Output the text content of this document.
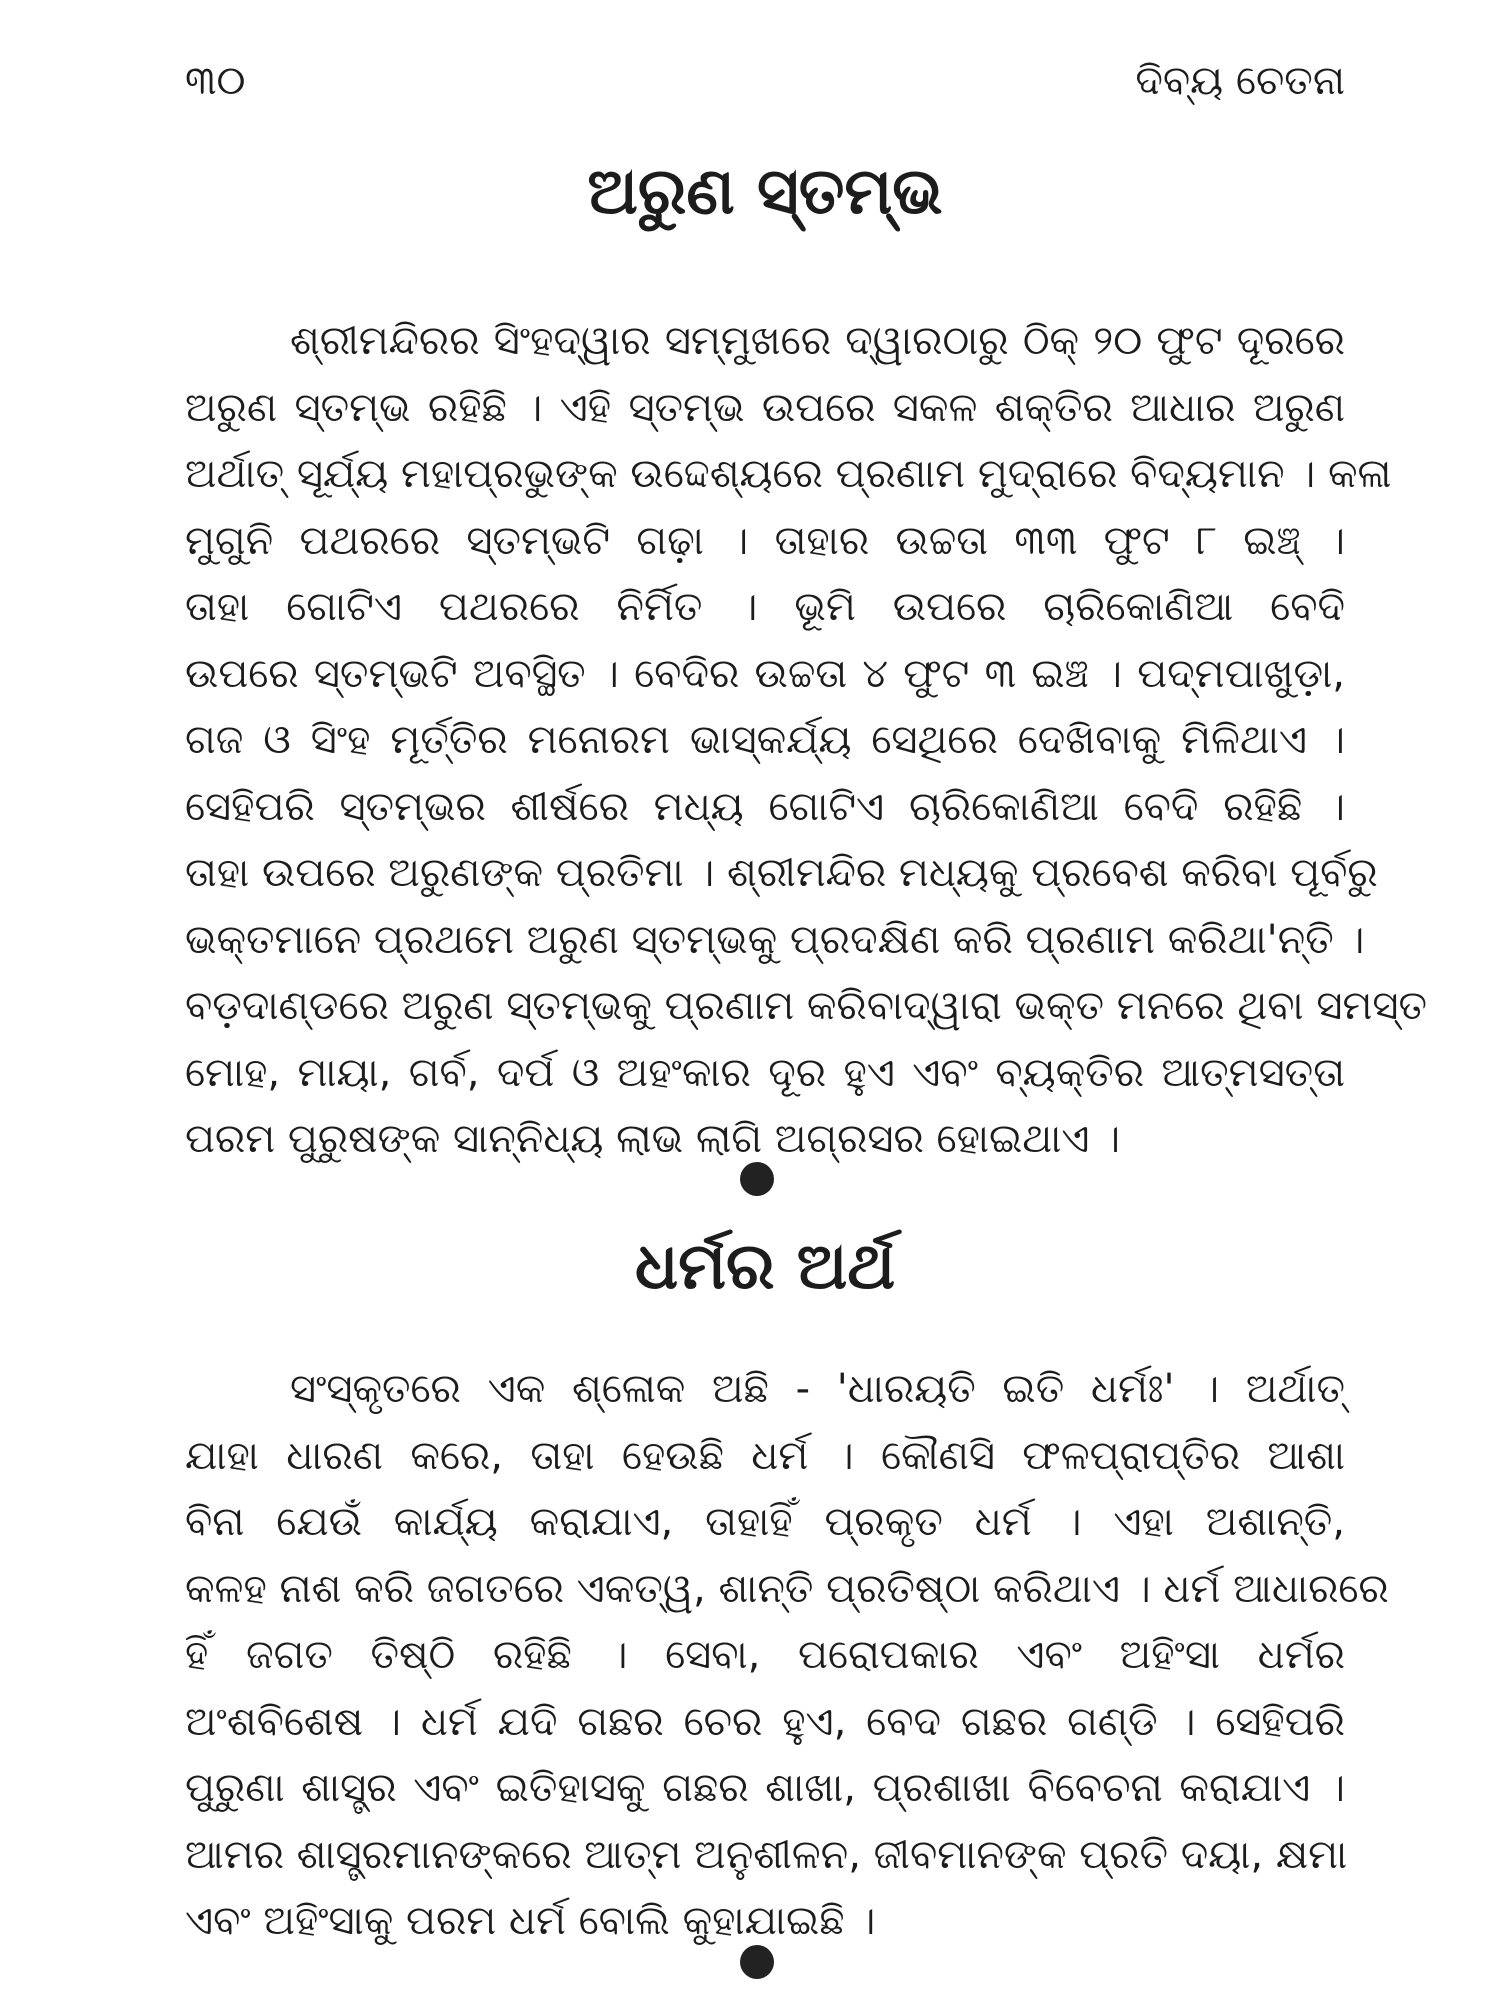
୩୦	ଦିବ୍ୟ ଚେତନା
ଅରୁଣ ସ୍ତମ୍ଭ
ଶ୍ରୀମନ୍ଦିରର ସିଂହଦ୍ୱାର ସମ୍ମୁଖରେ ଦ୍ୱାରଠାରୁ ଠିକ୍ ୨୦ ଫୁଟ ଦୂରରେ
ଅରୁଣ ସ୍ତମ୍ଭ ରହିଛି । ଏହି ସ୍ତମ୍ଭ ଉପରେ ସକଳ ଶକ୍ତିର ଆଧାର ଅରୁଣ
ଅର୍ଥାତ୍ ସୂର୍ଯ୍ୟ ମହାପ୍ରଭୁଙ୍କ ଉଦ୍ଦେଶ୍ୟରେ ପ୍ରଣାମ ମୁଦ୍ରାରେ ବିଦ୍ୟମାନ । କଳା
ମୁଗୁନି ପଥରରେ ସ୍ତମ୍ଭଟି ଗଢ଼ା । ତାହାର ଉଚ୍ଚତା ୩୩ ଫୁଟ ୮ ଇଞ୍ଚ୍ ।
ତାହା ଗୋଟିଏ ପଥରରେ ନିର୍ମିତ । ଭୂମି ଉପରେ ଚାରିକୋଣିଆ ବେଦି
ଉପରେ ସ୍ତମ୍ଭଟି ଅବସ୍ଥିତ । ବେଦିର ଉଚ୍ଚତା ୪ ଫୁଟ ୩ ଇଞ୍ଚ । ପଦ୍ମପାଖୁଡ଼ା,
ଗଜ ଓ ସିଂହ ମୂର୍ତ୍ତିର ମନୋରମ ଭାସ୍କର୍ଯ୍ୟ ସେଥିରେ ଦେଖିବାକୁ ମିଳିଥାଏ ।
ସେହିପରି ସ୍ତମ୍ଭର ଶୀର୍ଷରେ ମଧ୍ୟ ଗୋଟିଏ ଚାରିକୋଣିଆ ବେଦି ରହିଛି ।
ତାହା ଉପରେ ଅରୁଣଙ୍କ ପ୍ରତିମା । ଶ୍ରୀମନ୍ଦିର ମଧ୍ୟକୁ ପ୍ରବେଶ କରିବା ପୂର୍ବରୁ
ଭକ୍ତମାନେ ପ୍ରଥମେ ଅରୁଣ ସ୍ତମ୍ଭକୁ ପ୍ରଦକ୍ଷିଣ କରି ପ୍ରଣାମ କରିଥା'ନ୍ତି ।
ବଡ଼ଦାଣ୍ଡରେ ଅରୁଣ ସ୍ତମ୍ଭକୁ ପ୍ରଣାମ କରିବାଦ୍ୱାରା ଭକ୍ତ ମନରେ ଥିବା ସମସ୍ତ
ମୋହ, ମାୟା, ଗର୍ବ, ଦର୍ପ ଓ ଅହଂକାର ଦୂର ହୁଏ ଏବଂ ବ୍ୟକ୍ତିର ଆତ୍ମସତ୍ତା
ପରମ ପୁରୁଷଙ୍କ ସାନ୍ନିଧ୍ୟ ଲାଭ ଲାଗି ଅଗ୍ରସର ହୋଇଥାଏ ।
ଧର୍ମର ଅର୍ଥ
ସଂସ୍କୃତରେ ଏକ ଶ୍ଳୋକ ଅଛି - 'ଧାରୟତି ଇତି ଧର୍ମଃ' । ଅର୍ଥାତ୍
ଯାହା ଧାରଣ କରେ, ତାହା ହେଉଛି ଧର୍ମ । କୌଣସି ଫଳପ୍ରାପ୍ତିର ଆଶା
ବିନା ଯେଉଁ କାର୍ଯ୍ୟ କରାଯାଏ, ତାହାହିଁ ପ୍ରକୃତ ଧର୍ମ । ଏହା ଅଶାନ୍ତି,
କଳହ ନାଶ କରି ଜଗତରେ ଏକତ୍ୱ, ଶାନ୍ତି ପ୍ରତିଷ୍ଠା କରିଥାଏ । ଧର୍ମ ଆଧାରରେ
ହିଁ ଜଗତ ତିଷ୍ଠି ରହିଛି । ସେବା, ପରୋପକାର ଏବଂ ଅହିଂସା ଧର୍ମର
ଅଂଶବିଶେଷ । ଧର୍ମ ଯଦି ଗଛର ଚେର ହୁଏ, ବେଦ ଗଛର ଗଣ୍ଡି । ସେହିପରି
ପୁରୁଣା ଶାସ୍ତ୍ର ଏବଂ ଇତିହାସକୁ ଗଛର ଶାଖା, ପ୍ରଶାଖା ବିବେଚନା କରାଯାଏ ।
ଆମର ଶାସ୍ତ୍ରମାନଙ୍କରେ ଆତ୍ମ ଅନୁଶୀଳନ, ଜୀବମାନଙ୍କ ପ୍ରତି ଦୟା, କ୍ଷମା
ଏବଂ ଅହିଂସାକୁ ପରମ ଧର୍ମ ବୋଲି କୁହାଯାଇଛି ।
